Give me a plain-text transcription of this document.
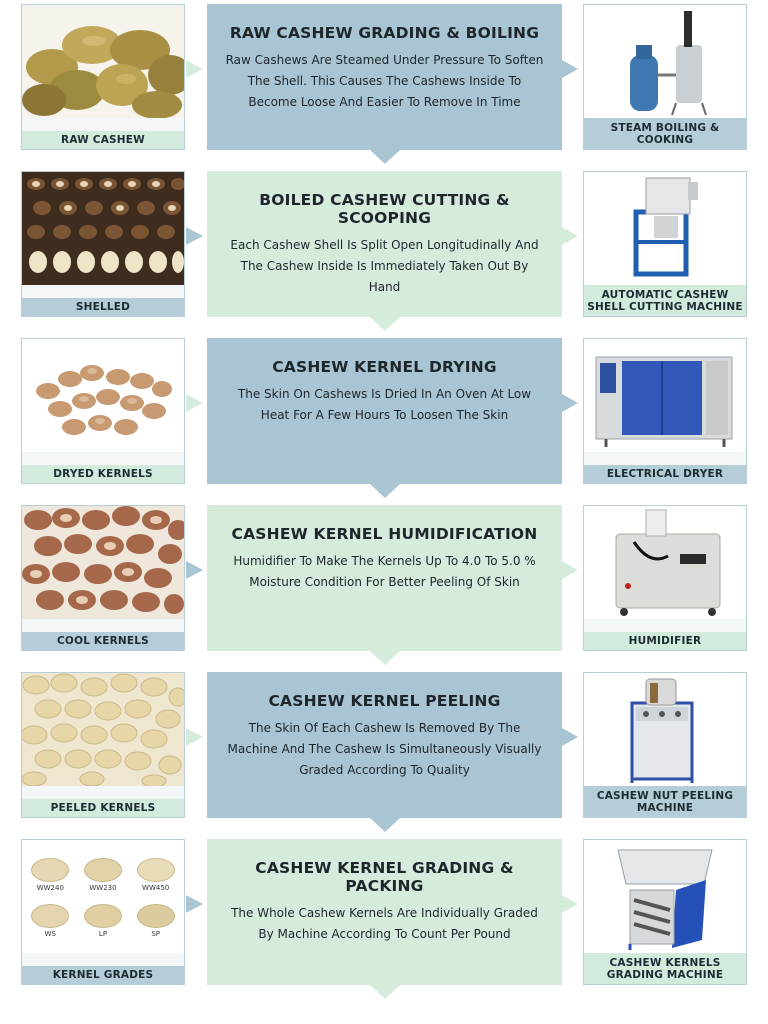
RAW CASHEW
RAW CASHEW GRADING & BOILING
Raw Cashews Are Steamed Under Pressure To Soften The Shell. This Causes The Cashews Inside To Become Loose And Easier To Remove In Time
STEAM BOILING & COOKING
SHELLED
BOILED CASHEW CUTTING & SCOOPING
Each Cashew Shell Is Split Open Longitudinally And The Cashew Inside Is Immediately Taken Out By Hand
AUTOMATIC CASHEW SHELL CUTTING MACHINE
DRYED KERNELS
CASHEW KERNEL DRYING
The Skin On Cashews Is Dried In An Oven At Low Heat For A Few Hours To Loosen The Skin
ELECTRICAL DRYER
COOL KERNELS
CASHEW KERNEL HUMIDIFICATION
Humidifier To Make The Kernels Up To 4.0 To 5.0 % Moisture Condition For Better Peeling Of Skin
HUMIDIFIER
PEELED KERNELS
CASHEW KERNEL PEELING
The Skin Of Each Cashew Is Removed By The Machine And The Cashew Is Simultaneously Visually Graded According To Quality
CASHEW NUT PEELING MACHINE
WW240	WW230	WW450
WS	LP	SP
KERNEL GRADES
CASHEW KERNEL GRADING & PACKING
The Whole Cashew Kernels Are Individually Graded By Machine According To Count Per Pound
CASHEW KERNELS GRADING MACHINE
